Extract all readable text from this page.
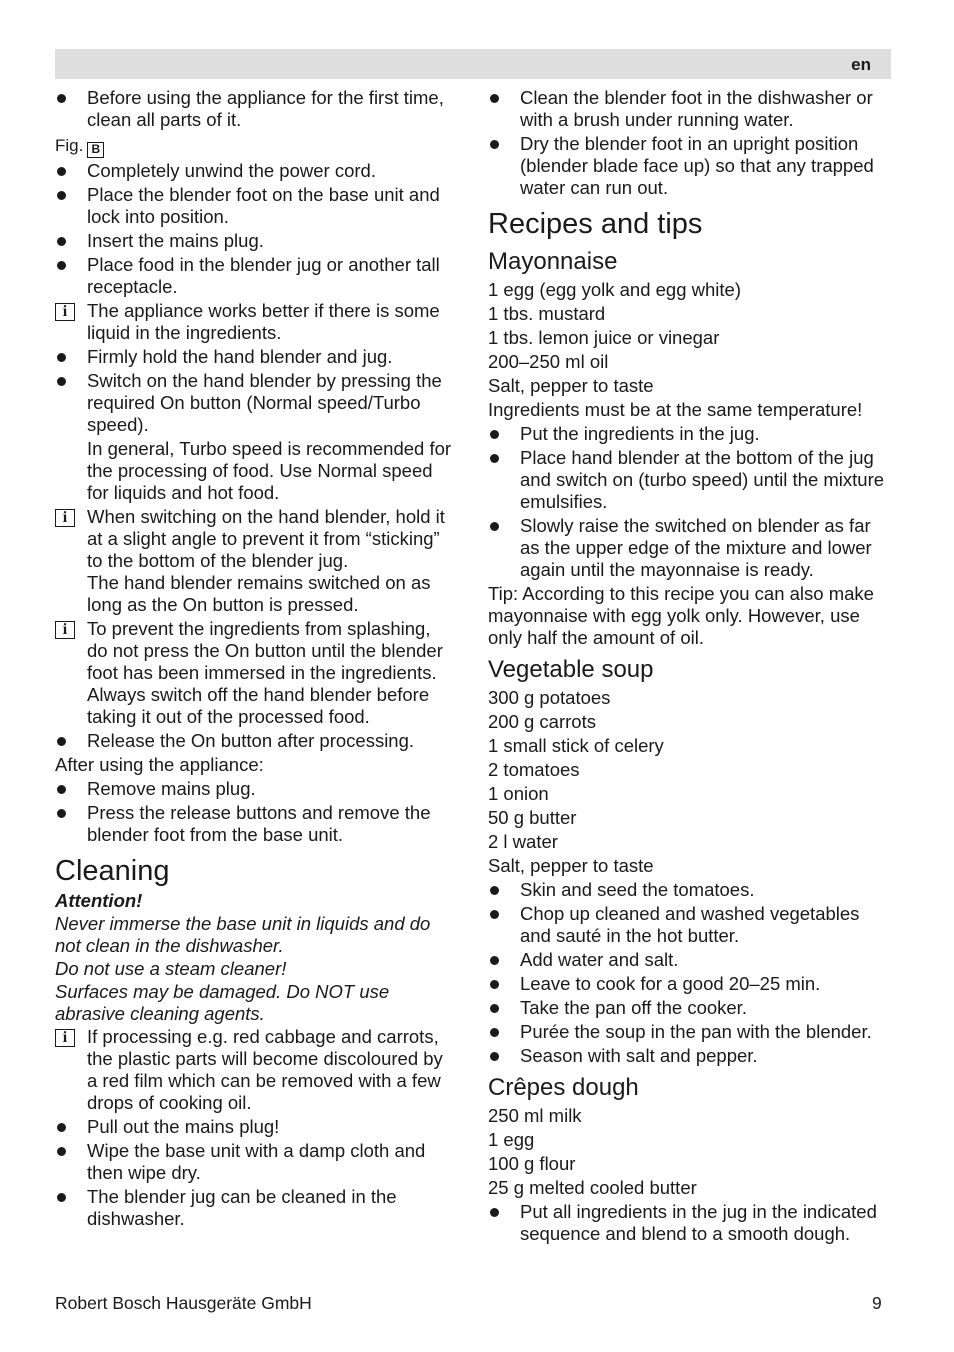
en

Before using the appliance for the first time, clean all parts of it.

Fig. B

Completely unwind the power cord.

Place the blender foot on the base unit and lock into position.

Insert the mains plug.

Place food in the blender jug or another tall receptacle.

i	The appliance works better if there is some liquid in the ingredients.

Firmly hold the hand blender and jug.

Switch on the hand blender by pressing the required On button (Normal speed/Turbo speed).

In general, Turbo speed is recommended for the processing of food. Use Normal speed for liquids and hot food.

i	When switching on the hand blender, hold it at a slight angle to prevent it from “sticking” to the bottom of the blender jug.
The hand blender remains switched on as long as the On button is pressed.
i	To prevent the ingredients from splashing, do not press the On button until the blender foot has been immersed in the ingredients.
Always switch off the hand blender before taking it out of the processed food.

Release the On button after processing.

After using the appliance:

Remove mains plug.

Press the release buttons and remove the blender foot from the base unit.

Cleaning

Attention!

Never immerse the base unit in liquids and do not clean in the dishwasher.

Do not use a steam cleaner!

Surfaces may be damaged. Do NOT use abrasive cleaning agents.

i	If processing e.g. red cabbage and carrots, the plastic parts will become discoloured by a red film which can be removed with a few drops of cooking oil.

Pull out the mains plug!

Wipe the base unit with a damp cloth and then wipe dry.

The blender jug can be cleaned in the dishwasher.

Clean the blender foot in the dishwasher or with a brush under running water.

Dry the blender foot in an upright position (blender blade face up) so that any trapped water can run out.

Recipes and tips
Mayonnaise

1 egg (egg yolk and egg white)

1 tbs. mustard

1 tbs. lemon juice or vinegar

200–250 ml oil

Salt, pepper to taste

Ingredients must be at the same temperature!

Put the ingredients in the jug.

Place hand blender at the bottom of the jug and switch on (turbo speed) until the mixture emulsifies.

Slowly raise the switched on blender as far as the upper edge of the mixture and lower again until the mayonnaise is ready.

Tip: According to this recipe you can also make mayonnaise with egg yolk only. However, use only half the amount of oil.

Vegetable soup

300 g potatoes

200 g carrots

1 small stick of celery

2 tomatoes

1 onion

50 g butter

2 l water

Salt, pepper to taste

Skin and seed the tomatoes.

Chop up cleaned and washed vegetables and sauté in the hot butter.

Add water and salt.

Leave to cook for a good 20–25 min.

Take the pan off the cooker.

Purée the soup in the pan with the blender.

Season with salt and pepper.

Crêpes dough

250 ml milk

1 egg

100 g flour

25 g melted cooled butter

Put all ingredients in the jug in the indicated sequence and blend to a smooth dough.

Robert Bosch Hausgeräte GmbH	9
